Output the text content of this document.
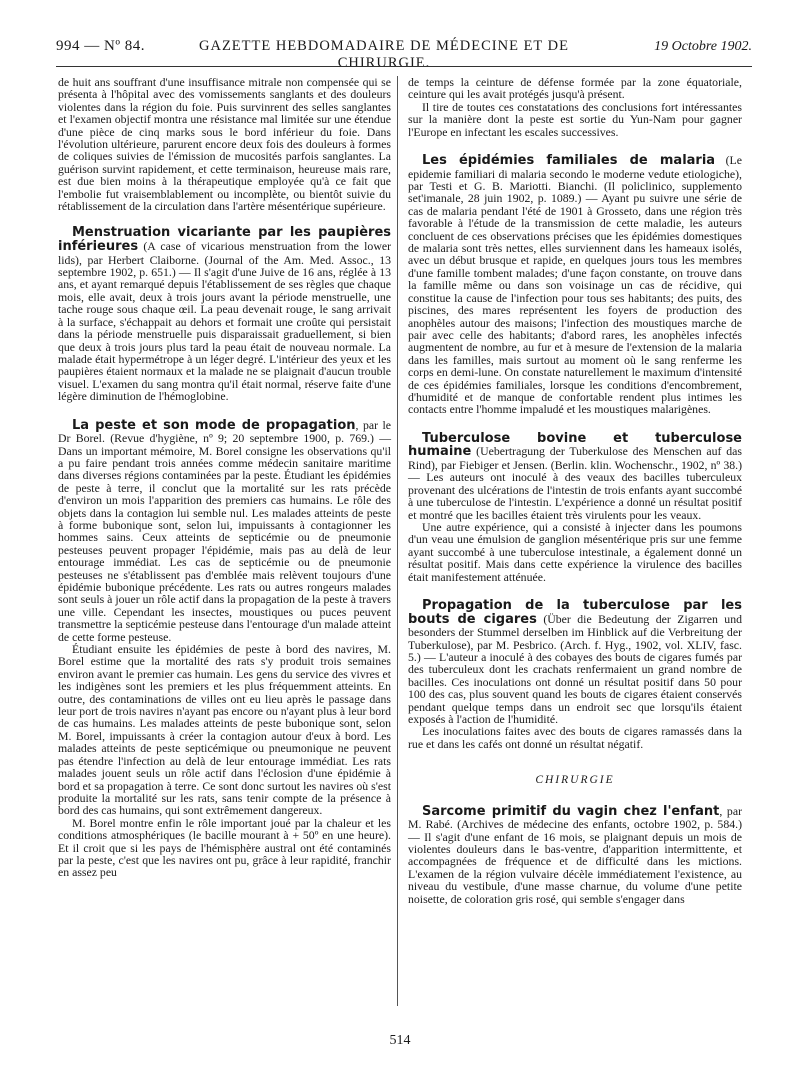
994 — Nº 84.	GAZETTE HEBDOMADAIRE DE MÉDECINE ET DE CHIRURGIE.
19 Octobre 1902.

de huit ans souffrant d'une insuffisance mitrale non compensée qui se présenta à l'hôpital avec des vomissements sanglants et des douleurs violentes dans la région du foie. Puis survinrent des selles sanglantes et l'examen objectif montra une résistance mal limitée sur une étendue d'une pièce de cinq marks sous le bord inférieur du foie. Dans l'évolution ultérieure, parurent encore deux fois des douleurs à formes de coliques suivies de l'émission de mucosités parfois sanglantes. La guérison survint rapidement, et cette terminaison, heureuse mais rare, est due bien moins à la thérapeutique employée qu'à ce fait que l'embolie fut vraisemblablement ou incomplète, ou bientôt suivie du rétablissement de la circulation dans l'artère mésentérique supérieure.

Menstruation vicariante par les paupières inférieures (A case of vicarious menstruation from the lower lids), par Herbert Claiborne. (Journal of the Am. Med. Assoc., 13 septembre 1902, p. 651.) — Il s'agit d'une Juive de 16 ans, réglée à 13 ans, et ayant remarqué depuis l'établissement de ses règles que chaque mois, elle avait, deux à trois jours avant la période menstruelle, une tache rouge sous chaque œil. La peau devenait rouge, le sang arrivait à la surface, s'échappait au dehors et formait une croûte qui persistait dans la période menstruelle puis disparaissait graduellement, si bien que deux à trois jours plus tard la peau était de nouveau normale. La malade était hypermétrope à un léger degré. L'intérieur des yeux et les paupières étaient normaux et la malade ne se plaignait d'aucun trouble visuel. L'examen du sang montra qu'il était normal, réserve faite d'une légère diminution de l'hémoglobine.

La peste et son mode de propagation, par le Dr Borel. (Revue d'hygiène, nº 9; 20 septembre 1900, p. 769.) — Dans un important mémoire, M. Borel consigne les observations qu'il a pu faire pendant trois années comme médecin sanitaire maritime dans diverses régions contaminées par la peste. Étudiant les épidémies de peste à terre, il conclut que la mortalité sur les rats précède d'environ un mois l'apparition des premiers cas humains. Le rôle des objets dans la contagion lui semble nul. Les malades atteints de peste à forme bubonique sont, selon lui, impuissants à contagionner les hommes sains. Ceux atteints de septicémie ou de pneumonie pesteuses peuvent propager l'épidémie, mais pas au delà de leur entourage immédiat. Les cas de septicémie ou de pneumonie pesteuses ne s'établissent pas d'emblée mais relèvent toujours d'une épidémie bubonique précédente. Les rats ou autres rongeurs malades sont seuls à jouer un rôle actif dans la propagation de la peste à travers une ville. Cependant les insectes, moustiques ou puces peuvent transmettre la septicémie pesteuse dans l'entourage d'un malade atteint de cette forme pesteuse.

Étudiant ensuite les épidémies de peste à bord des navires, M. Borel estime que la mortalité des rats s'y produit trois semaines environ avant le premier cas humain. Les gens du service des vivres et les indigènes sont les premiers et les plus fréquemment atteints. En outre, des contaminations de villes ont eu lieu après le passage dans leur port de trois navires n'ayant pas encore ou n'ayant plus à leur bord de cas humains. Les malades atteints de peste bubonique sont, selon M. Borel, impuissants à créer la contagion autour d'eux à bord. Les malades atteints de peste septicémique ou pneumonique ne peuvent pas étendre l'infection au delà de leur entourage immédiat. Les rats malades jouent seuls un rôle actif dans l'éclosion d'une épidémie à bord et sa propagation à terre. Ce sont donc surtout les navires où s'est produite la mortalité sur les rats, sans tenir compte de la présence à bord des cas humains, qui sont extrêmement dangereux.

M. Borel montre enfin le rôle important joué par la chaleur et les conditions atmosphériques (le bacille mourant à + 50º en une heure). Et il croit que si les pays de l'hémisphère austral ont été contaminés par la peste, c'est que les navires ont pu, grâce à leur rapidité, franchir en assez peu

de temps la ceinture de défense formée par la zone équatoriale, ceinture qui les avait protégés jusqu'à présent.

Il tire de toutes ces constatations des conclusions fort intéressantes sur la manière dont la peste est sortie du Yun-Nam pour gagner l'Europe en infectant les escales successives.

Les épidémies familiales de malaria (Le epidemie familiari di malaria secondo le moderne vedute etiologiche), par Testi et G. B. Mariotti. Bianchi. (Il policlinico, supplemento set'imanale, 28 juin 1902, p. 1089.) — Ayant pu suivre une série de cas de malaria pendant l'été de 1901 à Grosseto, dans une région très favorable à l'étude de la transmission de cette maladie, les auteurs concluent de ces observations précises que les épidémies domestiques de malaria sont très nettes, elles surviennent dans les hameaux isolés, avec un début brusque et rapide, en quelques jours tous les membres d'une famille tombent malades; d'une façon constante, on trouve dans la famille même ou dans son voisinage un cas de récidive, qui constitue la cause de l'infection pour tous ses habitants; des puits, des piscines, des mares représentent les foyers de production des anophèles autour des maisons; l'infection des moustiques marche de pair avec celle des habitants; d'abord rares, les anophèles infectés augmentent de nombre, au fur et à mesure de l'extension de la malaria dans les familles, mais surtout au moment où le sang renferme les corps en demi-lune. On constate naturellement le maximum d'intensité de ces épidémies familiales, lorsque les conditions d'encombrement, d'humidité et de manque de confortable rendent plus intimes les contacts entre l'homme impaludé et les moustiques malarigènes.

Tuberculose bovine et tuberculose humaine (Uebertragung der Tuberkulose des Menschen auf das Rind), par Fiebiger et Jensen. (Berlin. klin. Wochenschr., 1902, nº 38.) — Les auteurs ont inoculé à des veaux des bacilles tuberculeux provenant des ulcérations de l'intestin de trois enfants ayant succombé à une tuberculose de l'intestin. L'expérience a donné un résultat positif et montré que les bacilles étaient très virulents pour les veaux.

Une autre expérience, qui a consisté à injecter dans les poumons d'un veau une émulsion de ganglion mésentérique pris sur une femme ayant succombé à une tuberculose intestinale, a également donné un résultat positif. Mais dans cette expérience la virulence des bacilles était manifestement atténuée.

Propagation de la tuberculose par les bouts de cigares (Über die Bedeutung der Zigarren und besonders der Stummel derselben im Hinblick auf die Verbreitung der Tuberkulose), par M. Pesbrico. (Arch. f. Hyg., 1902, vol. XLIV, fasc. 5.) — L'auteur a inoculé à des cobayes des bouts de cigares fumés par des tuberculeux dont les crachats renfermaient un grand nombre de bacilles. Ces inoculations ont donné un résultat positif dans 50 pour 100 des cas, plus souvent quand les bouts de cigares étaient conservés pendant quelque temps dans un endroit sec que lorsqu'ils étaient exposés à l'action de l'humidité.

Les inoculations faites avec des bouts de cigares ramassés dans la rue et dans les cafés ont donné un résultat négatif.

CHIRURGIE

Sarcome primitif du vagin chez l'enfant, par M. Rabé. (Archives de médecine des enfants, octobre 1902, p. 584.) — Il s'agit d'une enfant de 16 mois, se plaignant depuis un mois de violentes douleurs dans le bas-ventre, d'apparition intermittente, et accompagnées de fréquence et de difficulté dans les mictions. L'examen de la région vulvaire décèle immédiatement l'existence, au niveau du vestibule, d'une masse charnue, du volume d'une petite noisette, de coloration gris rosé, qui semble s'engager dans

514
